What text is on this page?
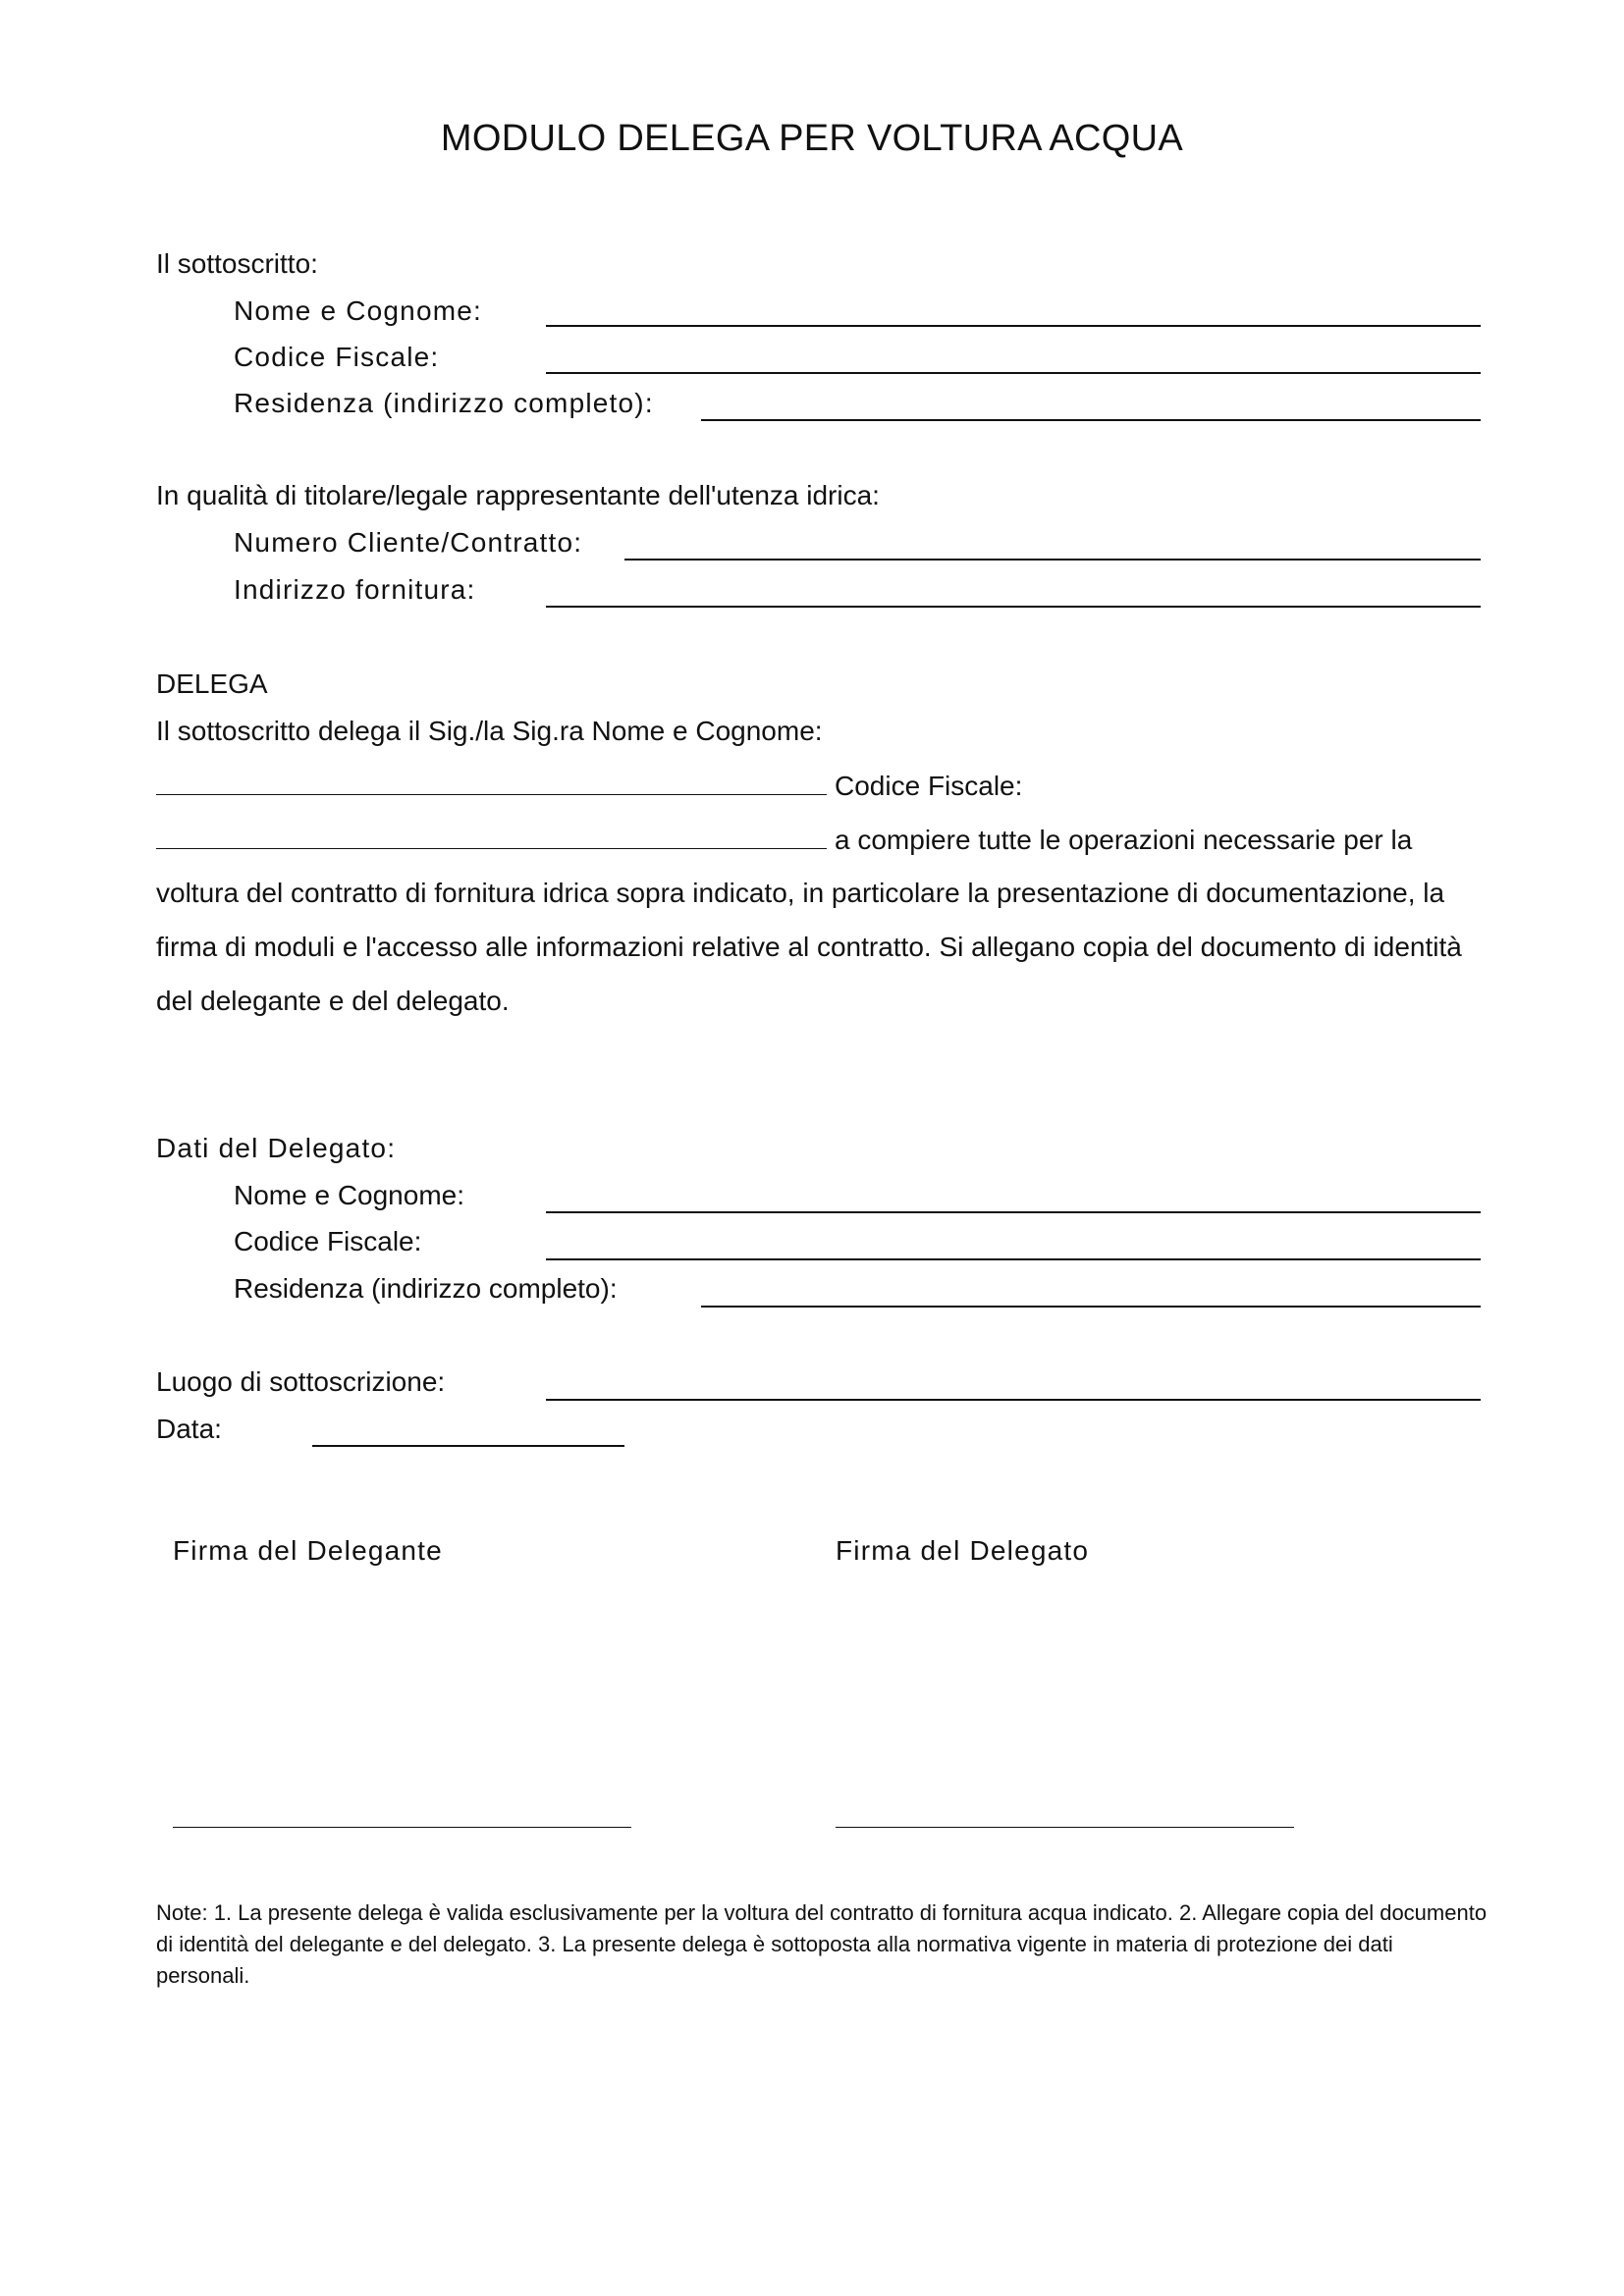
MODULO DELEGA PER VOLTURA ACQUA
Il sottoscritto:
Nome e Cognome:
Codice Fiscale:
Residenza (indirizzo completo):
In qualità di titolare/legale rappresentante dell'utenza idrica:
Numero Cliente/Contratto:
Indirizzo fornitura:
DELEGA
Il sottoscritto delega il Sig./la Sig.ra Nome e Cognome:
Codice Fiscale:
a compiere tutte le operazioni necessarie per la
voltura del contratto di fornitura idrica sopra indicato, in particolare la presentazione di documentazione, la
firma di moduli e l'accesso alle informazioni relative al contratto. Si allegano copia del documento di identità
del delegante e del delegato.
Dati del Delegato:
Nome e Cognome:
Codice Fiscale:
Residenza (indirizzo completo):
Luogo di sottoscrizione:
Data:
Firma del Delegante	Firma del Delegato
Note: 1. La presente delega è valida esclusivamente per la voltura del contratto di fornitura acqua indicato. 2. Allegare copia del documento di identità del delegante e del delegato. 3. La presente delega è sottoposta alla normativa vigente in materia di protezione dei dati personali.
